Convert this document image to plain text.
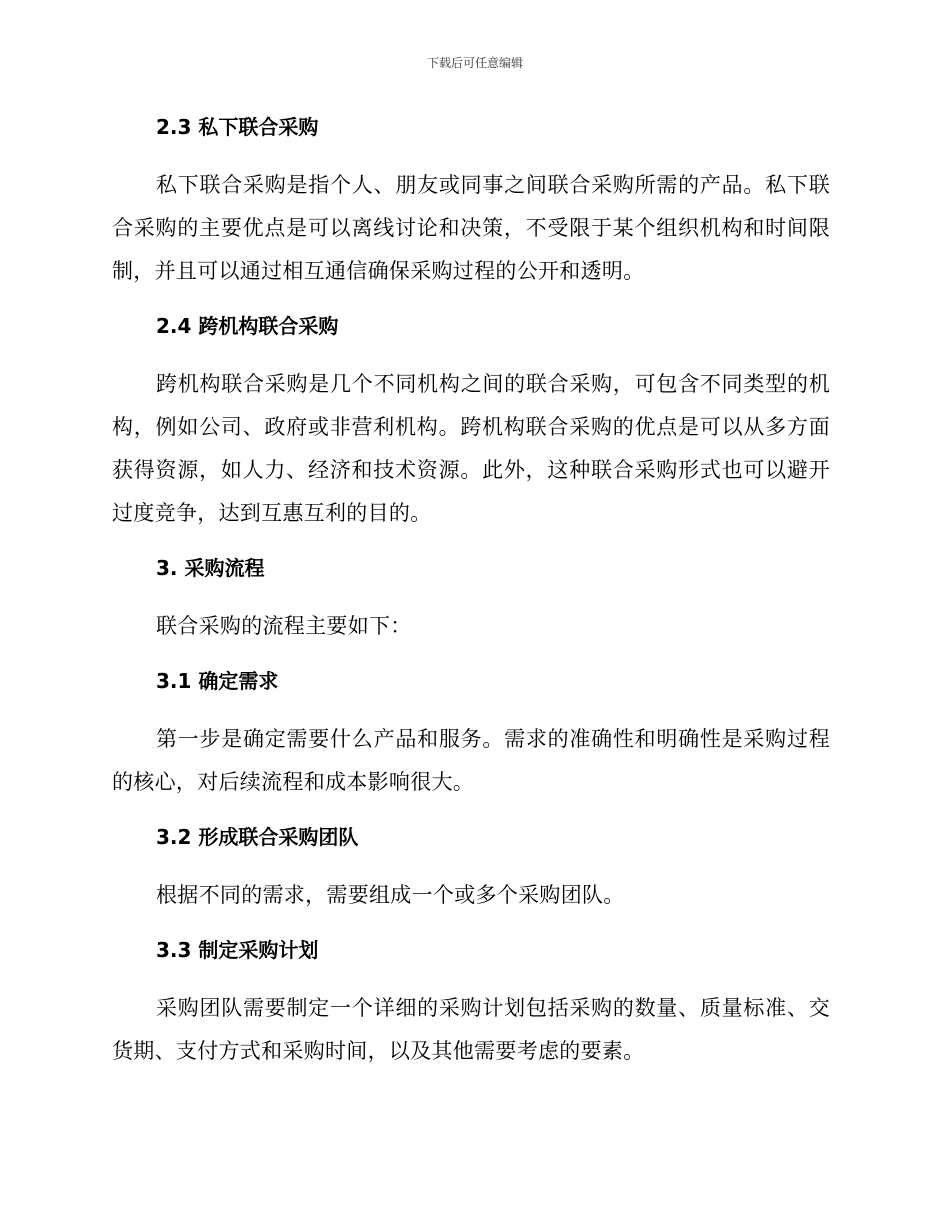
下载后可任意编辑
2.3 私下联合采购

私下联合采购是指个人、朋友或同事之间联合采购所需的产品。私下联合采购的主要优点是可以离线讨论和决策，不受限于某个组织机构和时间限制，并且可以通过相互通信确保采购过程的公开和透明。

2.4 跨机构联合采购

跨机构联合采购是几个不同机构之间的联合采购，可包含不同类型的机构，例如公司、政府或非营利机构。跨机构联合采购的优点是可以从多方面获得资源，如人力、经济和技术资源。此外，这种联合采购形式也可以避开过度竞争，达到互惠互利的目的。

3. 采购流程

联合采购的流程主要如下：

3.1 确定需求

第一步是确定需要什么产品和服务。需求的准确性和明确性是采购过程的核心，对后续流程和成本影响很大。

3.2 形成联合采购团队

根据不同的需求，需要组成一个或多个采购团队。

3.3 制定采购计划

采购团队需要制定一个详细的采购计划包括采购的数量、质量标准、交货期、支付方式和采购时间，以及其他需要考虑的要素。
